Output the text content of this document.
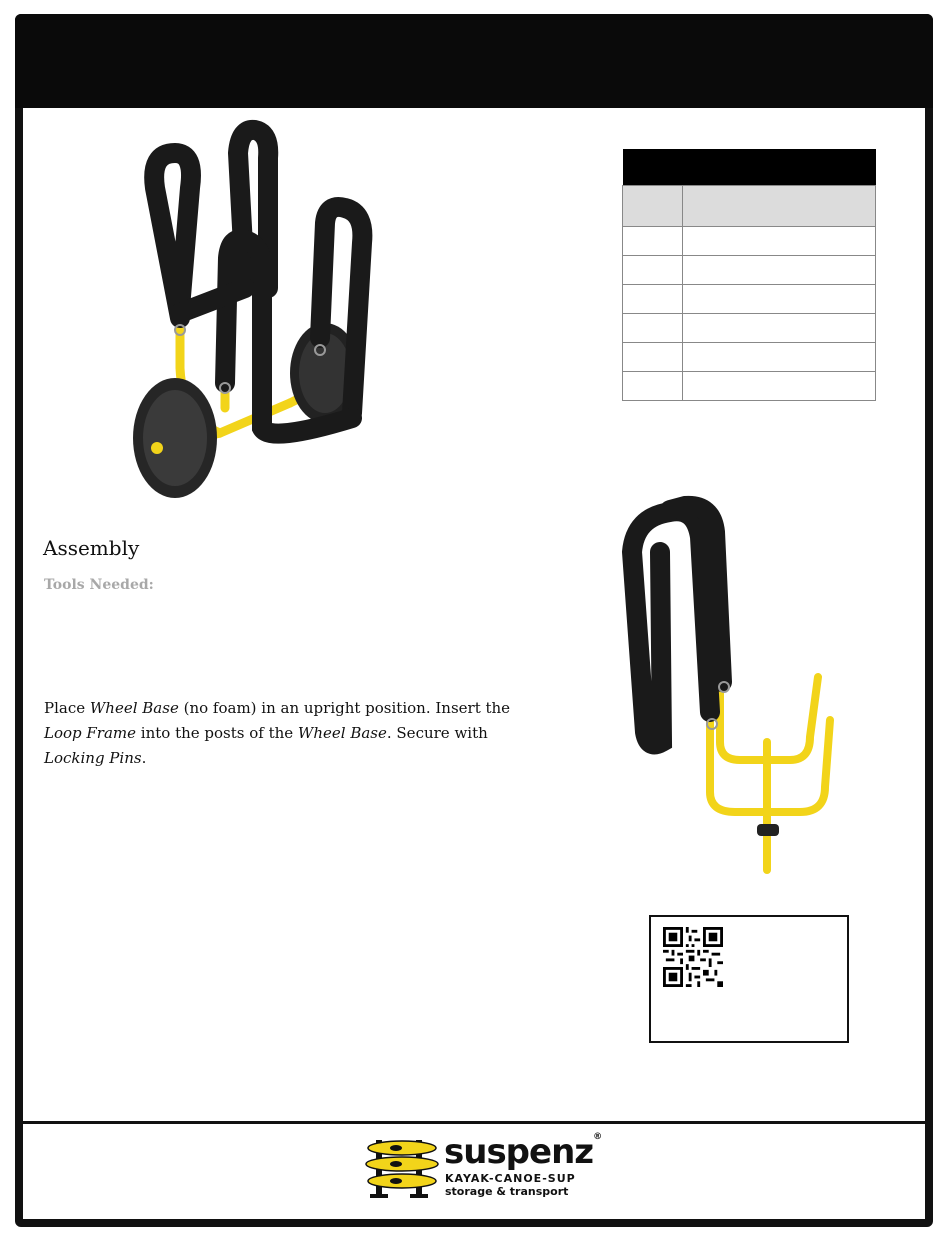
Assembly
Tools Needed:

Place Wheel Base (no foam) in an upright position. Insert the Loop Frame into the posts of the Wheel Base. Secure with Locking Pins.

suspenz®
KAYAK-CANOE-SUP
storage & transport
